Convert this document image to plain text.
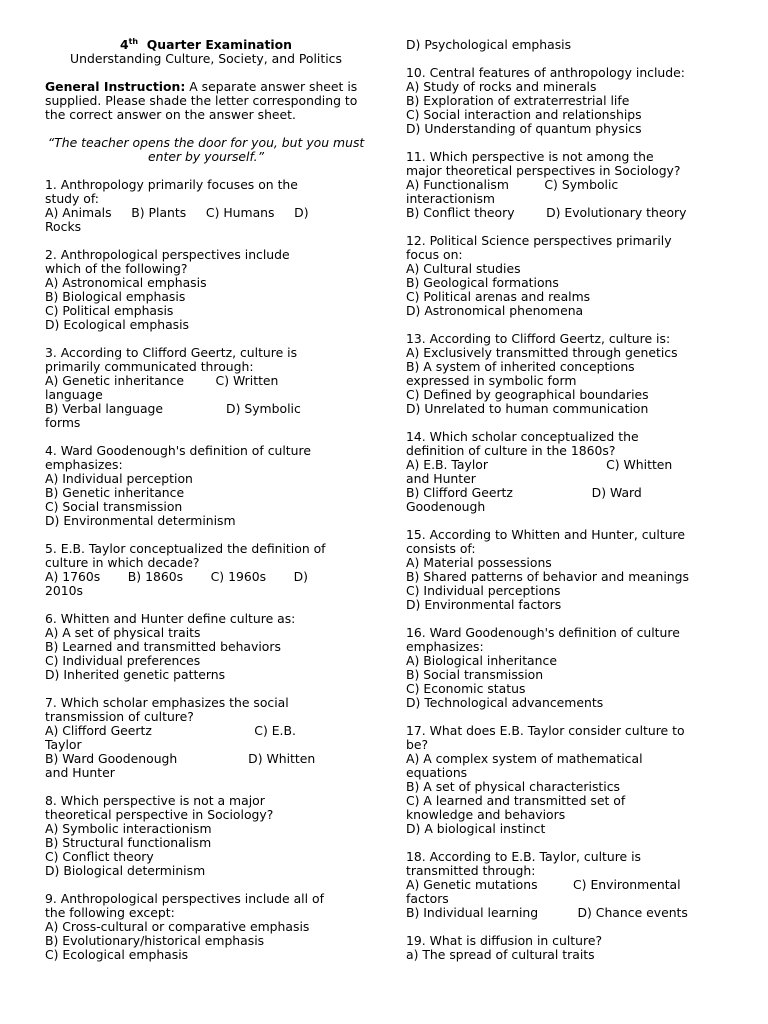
4th  Quarter Examination
Understanding Culture, Society, and Politics
General Instruction: A separate answer sheet is supplied. Please shade the letter corresponding to the correct answer on the answer sheet.
“The teacher opens the door for you, but you must enter by yourself.”
1. Anthropology primarily focuses on the
study of:
A) Animals     B) Plants     C) Humans     D)
Rocks
2. Anthropological perspectives include
which of the following?
A) Astronomical emphasis
B) Biological emphasis
C) Political emphasis
D) Ecological emphasis
3. According to Clifford Geertz, culture is
primarily communicated through:
A) Genetic inheritance        C) Written
language
B) Verbal language                D) Symbolic
forms
4. Ward Goodenough's definition of culture
emphasizes:
A) Individual perception
B) Genetic inheritance
C) Social transmission
D) Environmental determinism
5. E.B. Taylor conceptualized the definition of
culture in which decade?
A) 1760s       B) 1860s       C) 1960s       D)
2010s
6. Whitten and Hunter define culture as:
A) A set of physical traits
B) Learned and transmitted behaviors
C) Individual preferences
D) Inherited genetic patterns
7. Which scholar emphasizes the social
transmission of culture?
A) Clifford Geertz                          C) E.B.
Taylor
B) Ward Goodenough                  D) Whitten
and Hunter
8. Which perspective is not a major
theoretical perspective in Sociology?
A) Symbolic interactionism
B) Structural functionalism
C) Conflict theory
D) Biological determinism
9. Anthropological perspectives include all of
the following except:
A) Cross-cultural or comparative emphasis
B) Evolutionary/historical emphasis
C) Ecological emphasis
D) Psychological emphasis
10. Central features of anthropology include:
A) Study of rocks and minerals
B) Exploration of extraterrestrial life
C) Social interaction and relationships
D) Understanding of quantum physics
11. Which perspective is not among the
major theoretical perspectives in Sociology?
A) Functionalism         C) Symbolic
interactionism
B) Conflict theory        D) Evolutionary theory
12. Political Science perspectives primarily
focus on:
A) Cultural studies
B) Geological formations
C) Political arenas and realms
D) Astronomical phenomena
13. According to Clifford Geertz, culture is:
A) Exclusively transmitted through genetics
B) A system of inherited conceptions
expressed in symbolic form
C) Defined by geographical boundaries
D) Unrelated to human communication
14. Which scholar conceptualized the
definition of culture in the 1860s?
A) E.B. Taylor                              C) Whitten
and Hunter
B) Clifford Geertz                    D) Ward
Goodenough
15. According to Whitten and Hunter, culture
consists of:
A) Material possessions
B) Shared patterns of behavior and meanings
C) Individual perceptions
D) Environmental factors
16. Ward Goodenough's definition of culture
emphasizes:
A) Biological inheritance
B) Social transmission
C) Economic status
D) Technological advancements
17. What does E.B. Taylor consider culture to
be?
A) A complex system of mathematical
equations
B) A set of physical characteristics
C) A learned and transmitted set of
knowledge and behaviors
D) A biological instinct
18. According to E.B. Taylor, culture is
transmitted through:
A) Genetic mutations         C) Environmental
factors
B) Individual learning          D) Chance events
19. What is diffusion in culture?
a) The spread of cultural traits
